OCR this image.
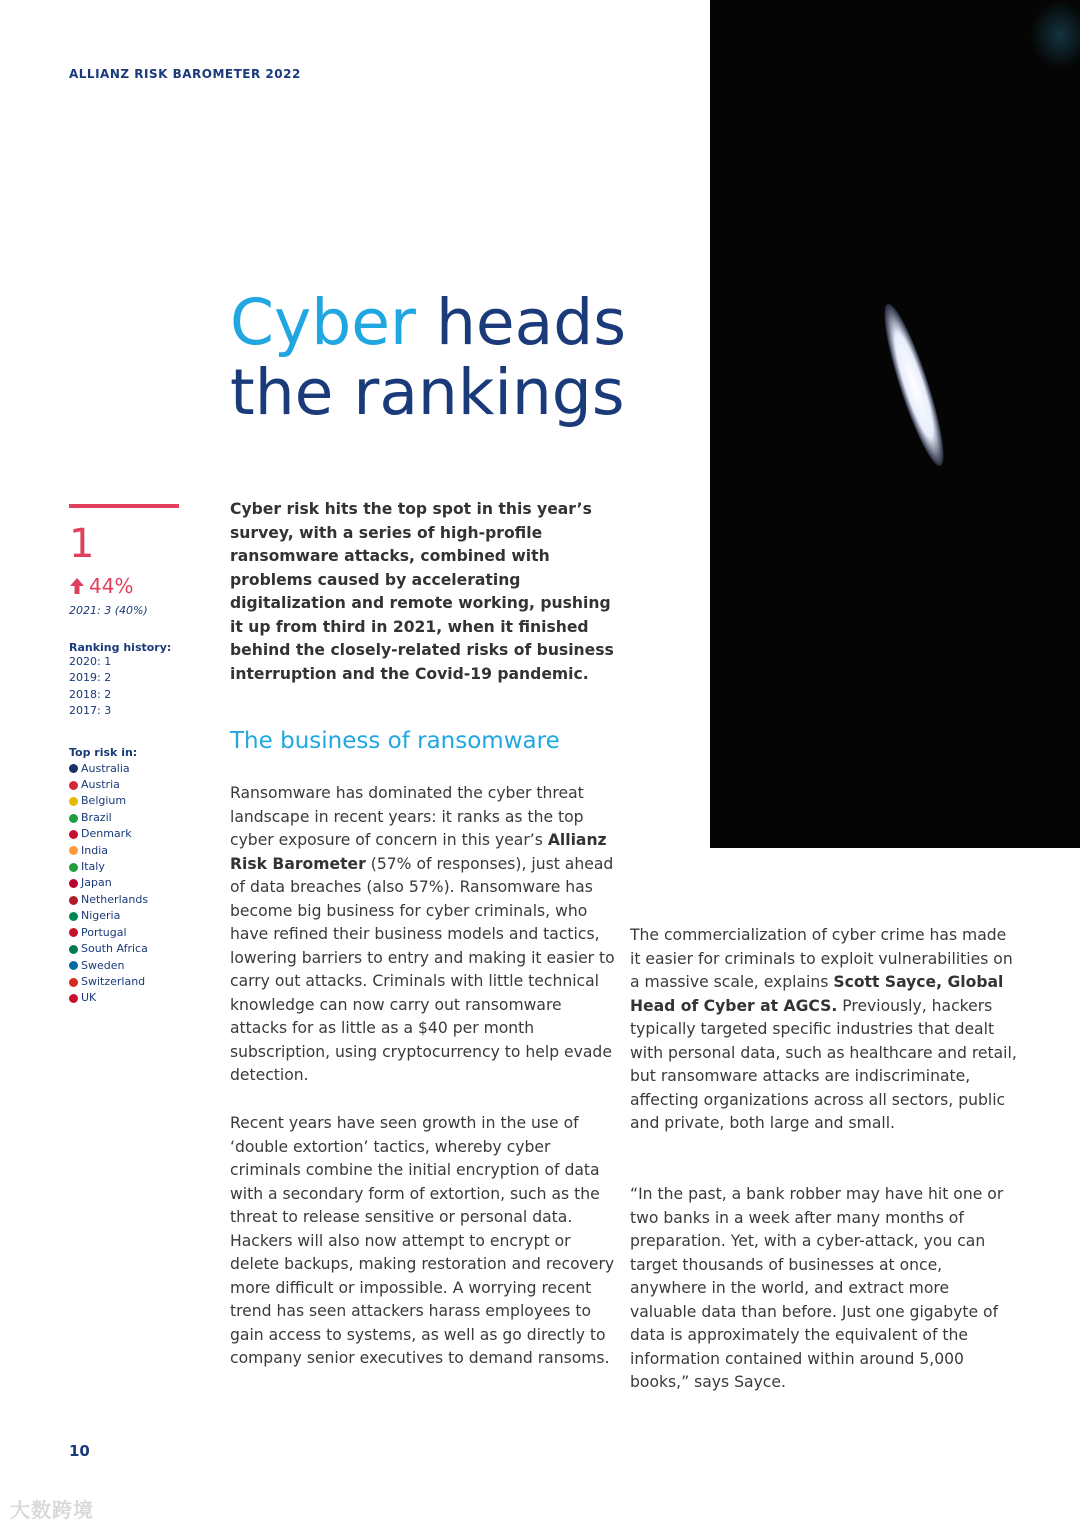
ALLIANZ RISK BAROMETER 2022
Cyber heads
the rankings
1
44%
2021: 3 (40%)
Ranking history:
2020: 1
2019: 2
2018: 2
2017: 3
Top risk in:
Australia
Austria
Belgium
Brazil
Denmark
India
Italy
Japan
Netherlands
Nigeria
Portugal
South Africa
Sweden
Switzerland
UK

Cyber risk hits the top spot in this year’s survey, with a series of high-profile ransomware attacks, combined with problems caused by accelerating digitalization and remote working, pushing it up from third in 2021, when it finished behind the closely-related risks of business interruption and the Covid-19 pandemic.

The business of ransomware

Ransomware has dominated the cyber threat landscape in recent years: it ranks as the top cyber exposure of concern in this year’s Allianz Risk Barometer (57% of responses), just ahead of data breaches (also 57%). Ransomware has become big business for cyber criminals, who have refined their business models and tactics, lowering barriers to entry and making it easier to carry out attacks. Criminals with little technical knowledge can now carry out ransomware attacks for as little as a $40 per month subscription, using cryptocurrency to help evade detection.

Recent years have seen growth in the use of ‘double extortion’ tactics, whereby cyber criminals combine the initial encryption of data with a secondary form of extortion, such as the threat to release sensitive or personal data. Hackers will also now attempt to encrypt or delete backups, making restoration and recovery more difficult or impossible. A worrying recent trend has seen attackers harass employees to gain access to systems, as well as go directly to company senior executives to demand ransoms.

The commercialization of cyber crime has made it easier for criminals to exploit vulnerabilities on a massive scale, explains Scott Sayce, Global Head of Cyber at AGCS. Previously, hackers typically targeted specific industries that dealt with personal data, such as healthcare and retail, but ransomware attacks are indiscriminate, affecting organizations across all sectors, public and private, both large and small.

“In the past, a bank robber may have hit one or two banks in a week after many months of preparation. Yet, with a cyber-attack, you can target thousands of businesses at once, anywhere in the world, and extract more valuable data than before. Just one gigabyte of data is approximately the equivalent of the information contained within around 5,000 books,” says Sayce.

10
大数跨境
